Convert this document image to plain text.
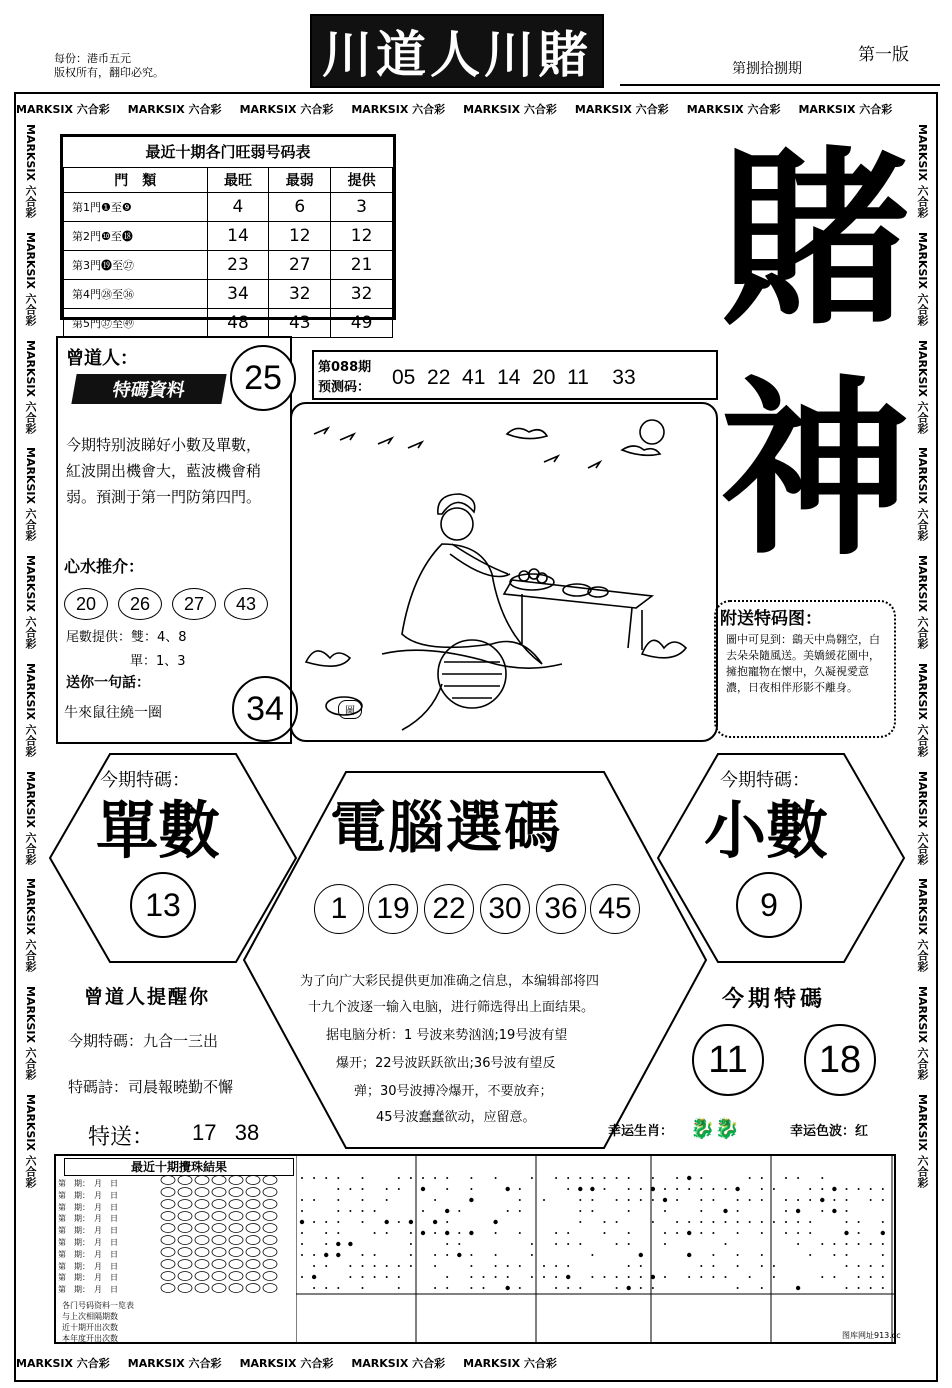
每份：港币五元
版权所有，翻印必究。	川道人川賭	第捌拾捌期
第一版
MARKSIX 六合彩 MARKSIX 六合彩 MARKSIX 六合彩 MARKSIX 六合彩 MARKSIX 六合彩 MARKSIX 六合彩 MARKSIX 六合彩 MARKSIX 六合彩
MARKSIX 六合彩 MARKSIX 六合彩 MARKSIX 六合彩 MARKSIX 六合彩 MARKSIX 六合彩
MARKSIX 六合彩
MARKSIX 六合彩
MARKSIX 六合彩
MARKSIX 六合彩
MARKSIX 六合彩
MARKSIX 六合彩
MARKSIX 六合彩
MARKSIX 六合彩
MARKSIX 六合彩
MARKSIX 六合彩
MARKSIX 六合彩
MARKSIX 六合彩
MARKSIX 六合彩
MARKSIX 六合彩
MARKSIX 六合彩
MARKSIX 六合彩
MARKSIX 六合彩
MARKSIX 六合彩
MARKSIX 六合彩
MARKSIX 六合彩
最近十期各门旺弱号码表
門　類	最旺	最弱	提供
第1門❶至❾	4	6	3
第2門❿至⓲	14	12	12
第3門⓳至㉗	23	27	21
第4門㉘至㊱	34	32	32
第5門㊲至㊾	48	43	49 賭
神
曾道人：
特碼資料	25
今期特别波睇好小數及單數，紅波開出機會大，藍波機會稍弱。預測于第一門防第四門。
心水推介：
20	26	27	43
尾數提供：雙：4、8
單：1、3
送你一句話：
牛來鼠往繞一圈	34
第088期
预测码： 05  22  41  14  20  11    33
圖
附送特码图：
圖中可見到：鷂天中鳥翱空，白去朵朵隨風送。美嬌緩花園中，擁抱寵物在懷中，久凝視愛意濃，日夜相伴形影不離身。
今期特碼：
單數
13
今期特碼：
小數
9
電腦選碼
1 19 22 30 36 45
为了向广大彩民提供更加准确之信息，本编辑部将四
十九个波逐一输入电脑，进行筛选得出上面结果。
据电脑分析：1 号波来势汹汹;19号波有望
爆开；22号波跃跃欲出;36号波有望反
弹；30号波搏冷爆开，不要放弃；
45号波蠢蠢欲动，应留意。
曾道人提醒你
今期特碼：九合一三出
特碼詩：司晨報曉勤不懈
特送： 17   38
今期特碼
11	18
幸运生肖： 🐉🐉	幸运色波：红
最近十期攪珠結果
第　期：　月　日
第　期：　月　日
第　期：　月　日
第　期：　月　日
第　期：　月　日
第　期：　月　日
第　期：　月　日
第　期：　月　日
第　期：　月　日
第　期：　月　日
各门号码资料一览表
与上次相隔期数
近十期开出次数
本年度开出次数	图库网址913.cc
